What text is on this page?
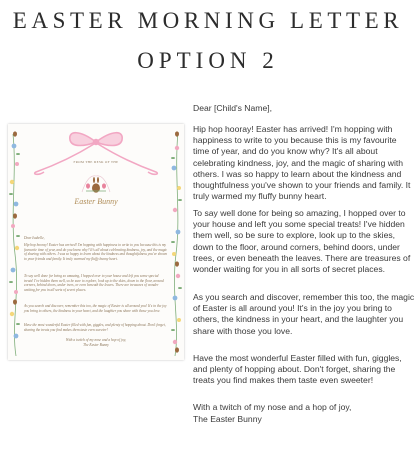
EASTER MORNING LETTER
OPTION 2
FROM THE DESK OF THE
Easter Bunny
Dear Isabelle,
Hip hop hooray! Easter has arrived! I'm hopping with happiness to write to you because this is my favourite time of year, and do you know why? It's all about celebrating kindness, joy, and the magic of sharing with others. I was so happy to learn about the kindness and thoughtfulness you've shown to your friends and family. It truly warmed my fluffy bunny heart.
To say well done for being so amazing, I hopped over to your house and left you some special treats! I've hidden them well, so be sure to explore, look up to the skies, down to the floor, around corners, behind doors, under trees, or even beneath the leaves. There are treasures of wonder waiting for you in all sorts of secret places.
As you search and discover, remember this too, the magic of Easter is all around you! It's in the joy you bring to others, the kindness in your heart, and the laughter you share with those you love.
Have the most wonderful Easter filled with fun, giggles, and plenty of hopping about. Don't forget, sharing the treats you find makes them taste even sweeter!
With a twitch of my nose and a hop of joy,
The Easter Bunny
Dear [Child's Name],
Hip hop hooray! Easter has arrived! I'm hopping with happiness to write to you because this is my favourite time of year, and do you know why? It's all about celebrating kindness, joy, and the magic of sharing with others. I was so happy to learn about the kindness and thoughtfulness you've shown to your friends and family. It truly warmed my fluffy bunny heart.
To say well done for being so amazing, I hopped over to your house and left you some special treats! I've hidden them well, so be sure to explore, look up to the skies, down to the floor, around corners, behind doors, under trees, or even beneath the leaves. There are treasures of wonder waiting for you in all sorts of secret places.
As you search and discover, remember this too, the magic of Easter is all around you! It's in the joy you bring to others, the kindness in your heart, and the laughter you share with those you love.
Have the most wonderful Easter filled with fun, giggles, and plenty of hopping about. Don't forget, sharing the treats you find makes them taste even sweeter!
With a twitch of my nose and a hop of joy,
The Easter Bunny
